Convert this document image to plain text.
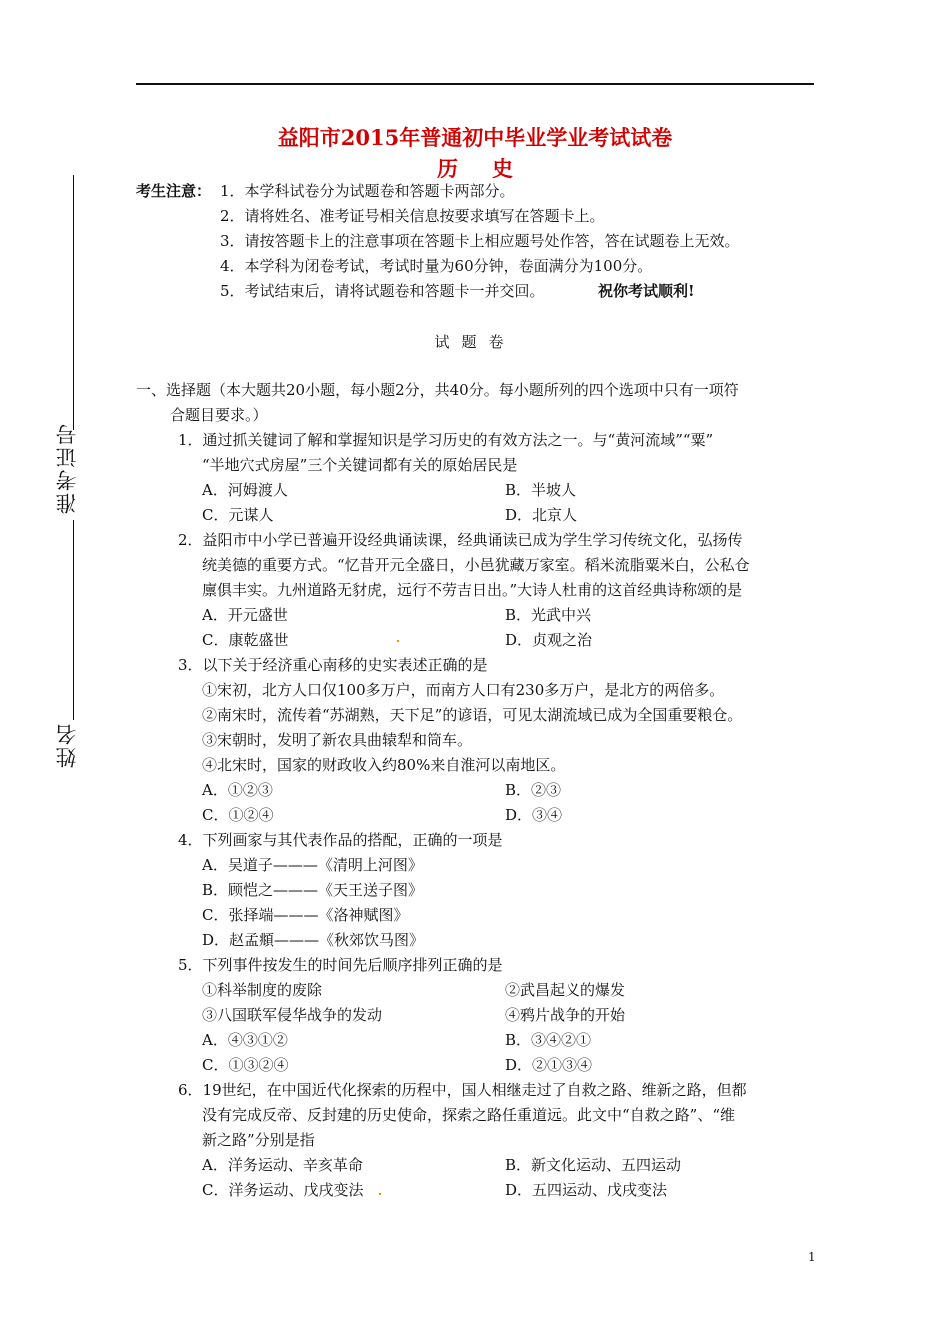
益阳市2015年普通初中毕业学业考试试卷
历史
准考证号
姓名
考生注意： 1．本学科试卷分为试题卷和答题卡两部分。
2．请将姓名、准考证号相关信息按要求填写在答题卡上。
3．请按答题卡上的注意事项在答题卡上相应题号处作答，答在试题卷上无效。
4．本学科为闭卷考试，考试时量为60分钟，卷面满分为100分。
5．考试结束后，请将试题卷和答题卡一并交回。	祝你考试顺利!
试题卷
一、选择题（本大题共20小题，每小题2分，共40分。每小题所列的四个选项中只有一项符
合题目要求。）
1．通过抓关键词了解和掌握知识是学习历史的有效方法之一。与“黄河流域”“粟”
“半地穴式房屋”三个关键词都有关的原始居民是
A．河姆渡人	B．半坡人
C．元谋人	D．北京人
2．益阳市中小学已普遍开设经典诵读课，经典诵读已成为学生学习传统文化，弘扬传
统美德的重要方式。“忆昔开元全盛日，小邑犹藏万家室。稻米流脂粟米白，公私仓
廪俱丰实。九州道路无豺虎，远行不劳吉日出。”大诗人杜甫的这首经典诗称颂的是
A．开元盛世	B．光武中兴
C．康乾盛世	D．贞观之治
3．以下关于经济重心南移的史实表述正确的是
①宋初，北方人口仅100多万户，而南方人口有230多万户，是北方的两倍多。
②南宋时，流传着“苏湖熟，天下足”的谚语，可见太湖流域已成为全国重要粮仓。
③宋朝时，发明了新农具曲辕犁和筒车。
④北宋时，国家的财政收入约80%来自淮河以南地区。
A．①②③	B．②③
C．①②④	D．③④
4．下列画家与其代表作品的搭配，正确的一项是
A．吴道子———《清明上河图》
B．顾恺之———《天王送子图》
C．张择端———《洛神赋图》
D．赵孟頫———《秋郊饮马图》
5．下列事件按发生的时间先后顺序排列正确的是
①科举制度的废除	②武昌起义的爆发
③八国联军侵华战争的发动	④鸦片战争的开始
A．④③①②	B．③④②①
C．①③②④	D．②①③④
6．19世纪，在中国近代化探索的历程中，国人相继走过了自救之路、维新之路，但都
没有完成反帝、反封建的历史使命，探索之路任重道远。此文中“自救之路”、“维
新之路”分别是指
A．洋务运动、辛亥革命	B．新文化运动、五四运动
C．洋务运动、戊戌变法	D．五四运动、戊戌变法
1
